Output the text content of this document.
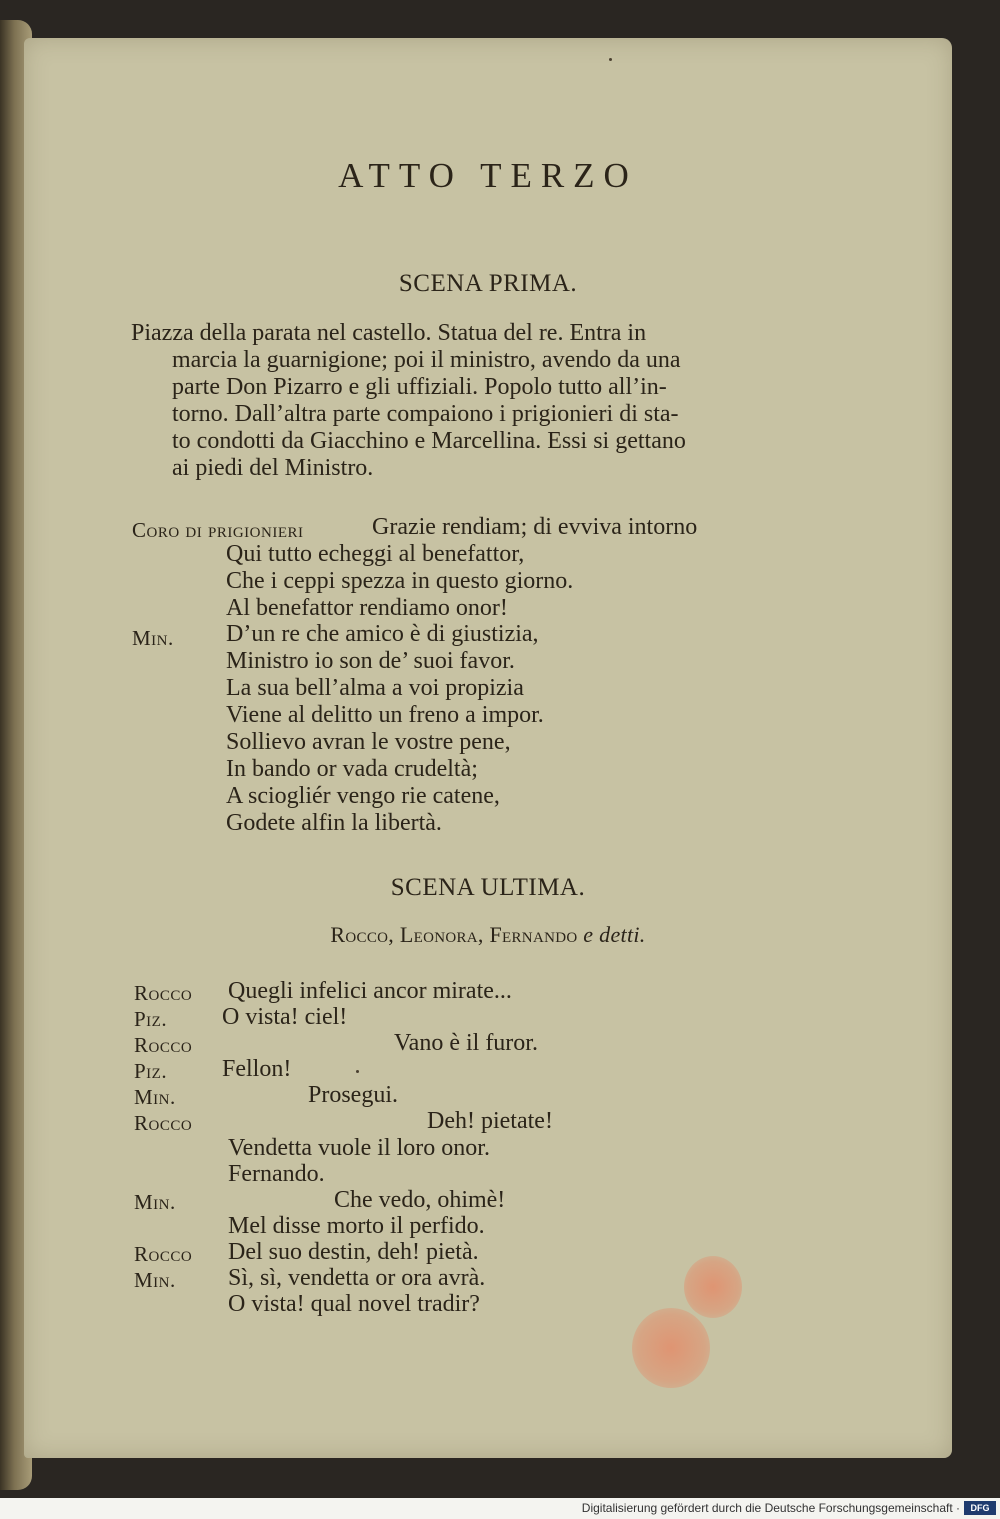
ATTO TERZO
SCENA PRIMA.
Piazza della parata nel castello. Statua del re. Entra in
marcia la guarnigione; poi il ministro, avendo da una
parte Don Pizarro e gli uffiziali. Popolo tutto all’in-
torno. Dall’altra parte compaiono i prigionieri di sta-
to condotti da Giacchino e Marcellina. Essi si gettano
ai piedi del Ministro.
Coro di prigionieri	Grazie rendiam; di evviva intorno
Qui tutto echeggi al benefattor,
Che i ceppi spezza in questo giorno.
Al benefattor rendiamo onor!
Min. D’un re che amico è di giustizia,
Ministro io son de’ suoi favor.
La sua bell’alma a voi propizia
Viene al delitto un freno a impor.
Sollievo avran le vostre pene,
In bando or vada crudeltà;
A sciogliér vengo rie catene,
Godete alfin la libertà.
SCENA ULTIMA.
Rocco, Leonora, Fernando e detti.
Rocco Quegli infelici ancor mirate...
Piz. O vista! ciel!
Rocco	Vano è il furor.
Piz. Fellon!
Min.	Prosegui.
Rocco	Deh! pietate!
Vendetta vuole il loro onor.
Fernando.
Min.	Che vedo, ohimè!
Mel disse morto il perfido.
Rocco Del suo destin, deh! pietà.
Min. Sì, sì, vendetta or ora avrà.
O vista! qual novel tradir?
Digitalisierung gefördert durch die Deutsche Forschungsgemeinschaft ·	DFG
